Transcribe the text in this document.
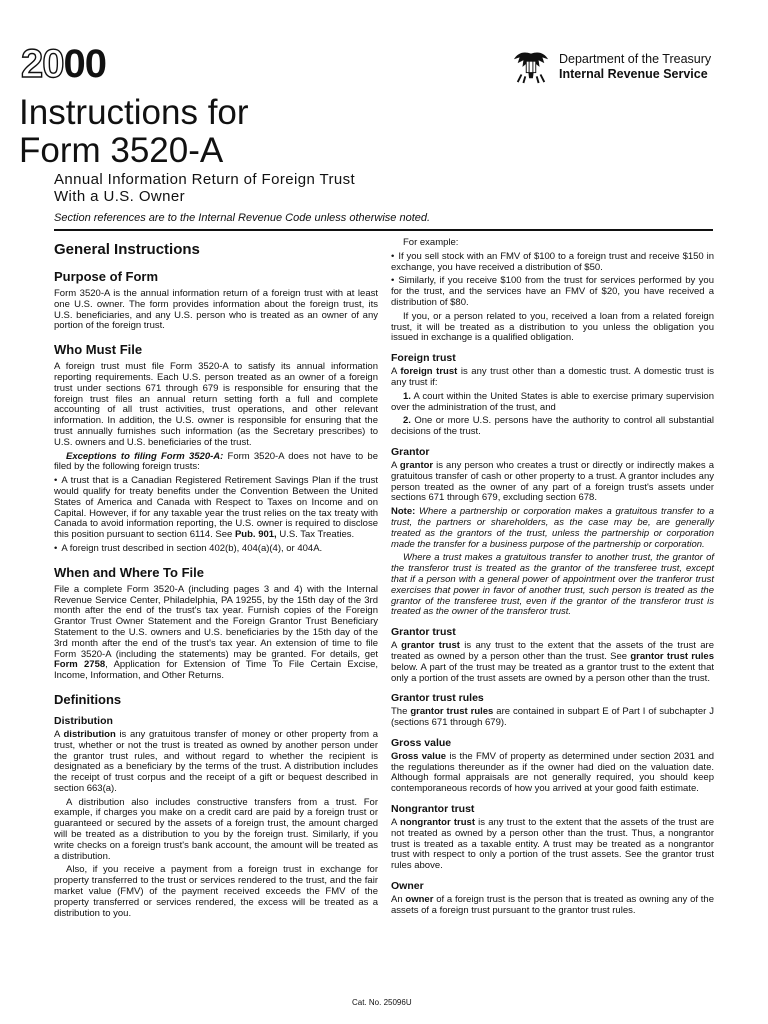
2000	Department of the Treasury
Internal Revenue Service
Instructions for
Form 3520-A
Annual Information Return of Foreign Trust
With a U.S. Owner
Section references are to the Internal Revenue Code unless otherwise noted.
General Instructions
Purpose of Form

Form 3520-A is the annual information return of a foreign trust with at least one U.S. owner. The form provides information about the foreign trust, its U.S. beneficiaries, and any U.S. person who is treated as an owner of any portion of the foreign trust.

Who Must File

A foreign trust must file Form 3520-A to satisfy its annual information reporting requirements. Each U.S. person treated as an owner of a foreign trust under sections 671 through 679 is responsible for ensuring that the foreign trust files an annual return setting forth a full and complete accounting of all trust activities, trust operations, and other relevant information. In addition, the U.S. owner is responsible for ensuring that the trust annually furnishes such information (as the Secretary prescribes) to U.S. owners and U.S. beneficiaries of the trust.

Exceptions to filing Form 3520-A: Form 3520-A does not have to be filed by the following foreign trusts:

• A trust that is a Canadian Registered Retirement Savings Plan if the trust would qualify for treaty benefits under the Convention Between the United States of America and Canada with Respect to Taxes on Income and on Capital. However, if for any taxable year the trust relies on the tax treaty with Canada to avoid information reporting, the U.S. owner is required to disclose this position pursuant to section 6114. See Pub. 901, U.S. Tax Treaties.

• A foreign trust described in section 402(b), 404(a)(4), or 404A.

When and Where To File

File a complete Form 3520-A (including pages 3 and 4) with the Internal Revenue Service Center, Philadelphia, PA 19255, by the 15th day of the 3rd month after the end of the trust's tax year. Furnish copies of the Foreign Grantor Trust Owner Statement and the Foreign Grantor Trust Beneficiary Statement to the U.S. owners and U.S. beneficiaries by the 15th day of the 3rd month after the end of the trust's tax year. An extension of time to file Form 3520-A (including the statements) may be granted. For details, get Form 2758, Application for Extension of Time To File Certain Excise, Income, Information, and Other Returns.

Definitions
Distribution

A distribution is any gratuitous transfer of money or other property from a trust, whether or not the trust is treated as owned by another person under the grantor trust rules, and without regard to whether the recipient is designated as a beneficiary by the terms of the trust. A distribution includes the receipt of trust corpus and the receipt of a gift or bequest described in section 663(a).

A distribution also includes constructive transfers from a trust. For example, if charges you make on a credit card are paid by a foreign trust or guaranteed or secured by the assets of a foreign trust, the amount charged will be treated as a distribution to you by the foreign trust. Similarly, if you write checks on a foreign trust's bank account, the amount will be treated as a distribution.

Also, if you receive a payment from a foreign trust in exchange for property transferred to the trust or services rendered to the trust, and the fair market value (FMV) of the payment received exceeds the FMV of the property transferred or services rendered, the excess will be treated as a distribution to you.

For example:

• If you sell stock with an FMV of $100 to a foreign trust and receive $150 in exchange, you have received a distribution of $50.

• Similarly, if you receive $100 from the trust for services performed by you for the trust, and the services have an FMV of $20, you have received a distribution of $80.

If you, or a person related to you, received a loan from a related foreign trust, it will be treated as a distribution to you unless the obligation you issued in exchange is a qualified obligation.

Foreign trust

A foreign trust is any trust other than a domestic trust. A domestic trust is any trust if:

1. A court within the United States is able to exercise primary supervision over the administration of the trust, and

2. One or more U.S. persons have the authority to control all substantial decisions of the trust.

Grantor

A grantor is any person who creates a trust or directly or indirectly makes a gratuitous transfer of cash or other property to a trust. A grantor includes any person treated as the owner of any part of a foreign trust's assets under sections 671 through 679, excluding section 678.

Note: Where a partnership or corporation makes a gratuitous transfer to a trust, the partners or shareholders, as the case may be, are generally treated as the grantors of the trust, unless the partnership or corporation made the transfer for a business purpose of the partnership or corporation.

Where a trust makes a gratuitous transfer to another trust, the grantor of the transferor trust is treated as the grantor of the transferee trust, except that if a person with a general power of appointment over the tranferor trust exercises that power in favor of another trust, such person is treated as the grantor of the transferee trust, even if the grantor of the transferor trust is treated as the owner of the transferor trust.

Grantor trust

A grantor trust is any trust to the extent that the assets of the trust are treated as owned by a person other than the trust. See grantor trust rules below. A part of the trust may be treated as a grantor trust to the extent that only a portion of the trust assets are owned by a person other than the trust.

Grantor trust rules

The grantor trust rules are contained in subpart E of Part I of subchapter J (sections 671 through 679).

Gross value

Gross value is the FMV of property as determined under section 2031 and the regulations thereunder as if the owner had died on the valuation date. Although formal appraisals are not generally required, you should keep contemporaneous records of how you arrived at your good faith estimate.

Nongrantor trust

A nongrantor trust is any trust to the extent that the assets of the trust are not treated as owned by a person other than the trust. Thus, a nongrantor trust is treated as a taxable entity. A trust may be treated as a nongrantor trust with respect to only a portion of the trust assets. See the grantor trust rules above.

Owner

An owner of a foreign trust is the person that is treated as owning any of the assets of a foreign trust pursuant to the grantor trust rules.

Cat. No. 25096U
